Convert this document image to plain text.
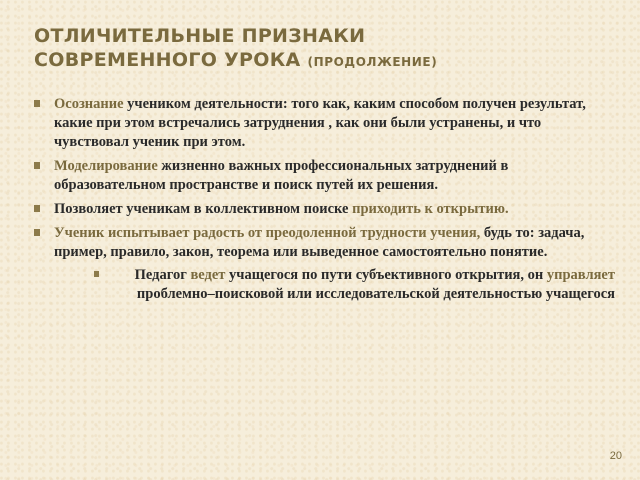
ОТЛИЧИТЕЛЬНЫЕ ПРИЗНАКИ
СОВРЕМЕННОГО УРОКА (ПРОДОЛЖЕНИЕ)
Осознание учеником деятельности: того как, каким способом получен результат, какие при этом встречались затруднения , как они были устранены, и что чувствовал ученик при этом.
Моделирование жизненно важных профессиональных затруднений в образовательном пространстве и поиск путей их решения.
Позволяет ученикам в коллективном поиске приходить к открытию.
Ученик испытывает радость от преодоленной трудности учения, будь то: задача, пример, правило, закон, теорема или выведенное самостоятельно понятие.
Педагог ведет учащегося по пути субъективного открытия, он управляет проблемно–поисковой или исследовательской деятельностью учащегося
20
